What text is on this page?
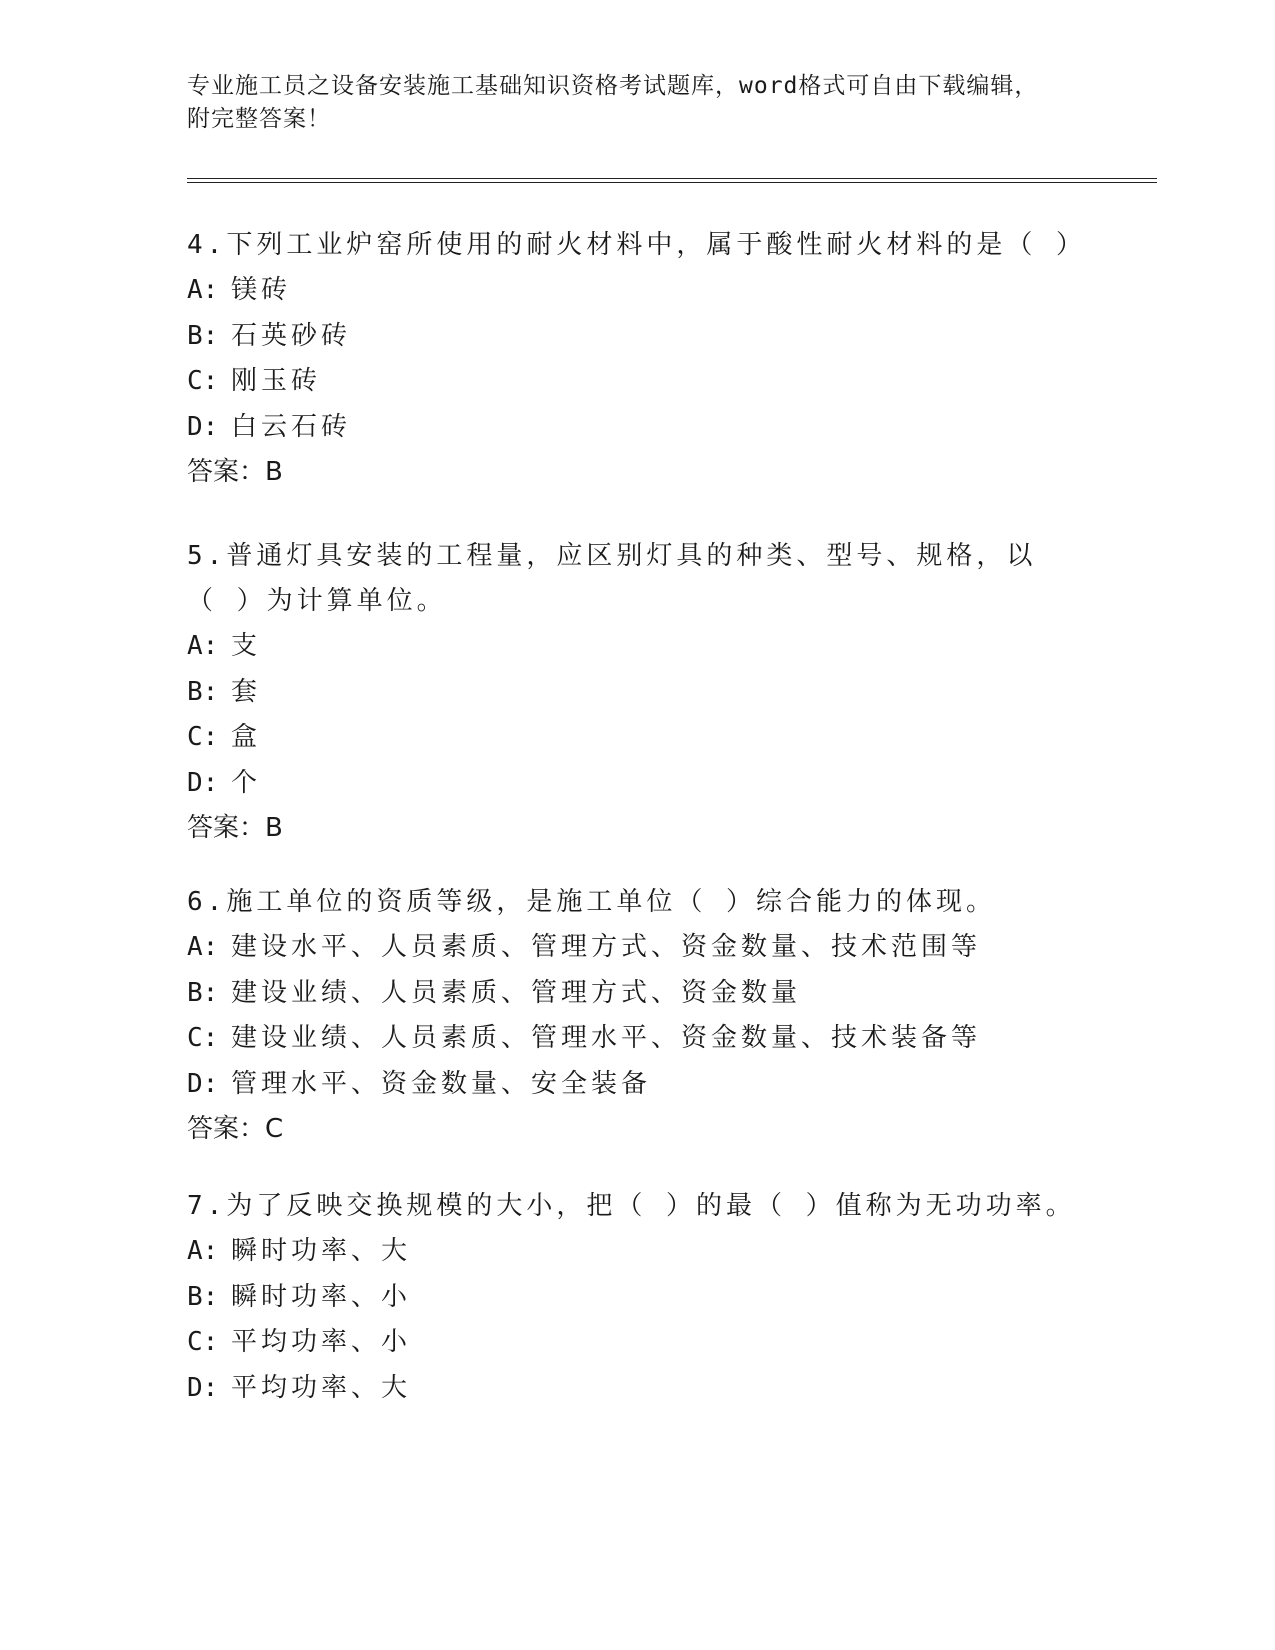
专业施工员之设备安装施工基础知识资格考试题库，word格式可自由下载编辑，
附完整答案！

4.下列工业炉窑所使用的耐火材料中，属于酸性耐火材料的是（ ）

A: 镁砖

B: 石英砂砖

C: 刚玉砖

D: 白云石砖

答案：B

5.普通灯具安装的工程量，应区别灯具的种类、型号、规格，以（ ）为计算单位。

A: 支

B: 套

C: 盒

D: 个

答案：B

6.施工单位的资质等级，是施工单位（ ）综合能力的体现。

A: 建设水平、人员素质、管理方式、资金数量、技术范围等

B: 建设业绩、人员素质、管理方式、资金数量

C: 建设业绩、人员素质、管理水平、资金数量、技术装备等

D: 管理水平、资金数量、安全装备

答案：C

7.为了反映交换规模的大小，把（ ）的最（ ）值称为无功功率。

A: 瞬时功率、大

B: 瞬时功率、小

C: 平均功率、小

D: 平均功率、大
